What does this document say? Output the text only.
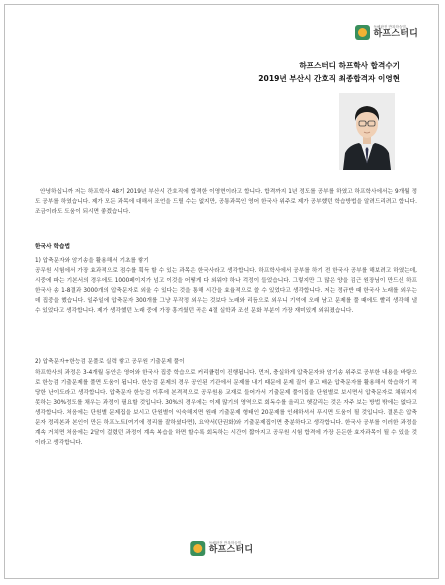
독해완전 반복학습법
하프스터디
하프스터디 하프학사 합격수기
2019년 부산시 간호직 최종합격자 이영현

안녕하십니까 저는 하프학사 48기 2019년 부산시 간호직에 합격한 이영현이라고 합니다. 합격까지 1년 정도를 공부를 하였고 하프학사에서는 9개월 정도 공부를 하였습니다. 제가 모든 과목에 대해서 조언을 드릴 수는 없지만, 공통과목인 영어 한국사 위주로 제가 공부했던 학습방법을 알려드리려고 합니다. 조금이라도 도움이 되시면 좋겠습니다.

한국사 학습법
1) 압축문자와 암기송을 활용해서 기초를 쌓기

공무원 시험에서 가장 효과적으로 점수를 획득 할 수 있는 과목은 한국사라고 생각합니다. 하프학사에서 공부를 하기 전 한국사 공부를 해보려고 하였는데, 시중에 파는 기본서의 경우에도 1000페이지가 넘고 이것을 어떻게 다 외워야 하나 걱정이 들었습니다. 그렇지만 그 많은 양을 김근 원장님이 만드신 하프한국사 송 1-8결과 3000개의 압축문자로 외울 수 있다는 것을 통해 시간을 효율적으로 쓸 수 있었다고 생각합니다. 저는 정규반 때 한국사 노래를 외우는데 집중을 했습니다. 일주일에 압축문자 300개를 그냥 무작정 외우는 것보다 노래와 리듬으로 외우니 기억에 오래 남고 문제를 풀 때에도 빨리 생각해 낼 수 있었다고 생각합니다. 제가 생각했던 노래 중에 가장 흥겨웠던 곡은 4절 실학과 조선 문화 부분이 가장 재미있게 외워졌습니다.

2) 압축문자+한능검 문풀로 실력 쌓고 공무원 기출문제 풀이

하프학사의 과정은 3-4개월 동안은 영어와 한국사 집중 학습으로 커리큘럼이 진행됩니다. 먼저, 충실하게 압축문자와 암기송 위주로 공부한 내용을 바탕으로 한능검 기출문제를 풀면 도움이 됩니다. 한능검 문제의 경우 공인된 기관에서 문제를 내기 때문에 문제 질이 좋고 배운 압축문자를 활용해서 학습하기 적당한 난이도라고 생각합니다. 압축문자 한능검 이후에 본격적으로 공무원용 교재로 들어가서 기출문제 풀이집을 단원별로 보시면서 압축문자로 채워지지 못하는 30%정도를 채우는 과정이 필요할 것입니다. 30%의 경우에는 이제 많기의 영역으로 회독수를 올리고 헷갈리는 것은 자주 보는 방법 밖에는 없다고 생각합니다. 처음에는 단원별 문제집을 보시고 단원별이 익숙해지면 원래 기출문제 형태인 20문제를 인쇄하셔서 푸시면 도움이 될 것입니다. 결론은 압축문자 정리본과 본인이 만든 하프노트(여기에 정리를 잘하셨다면), 요약서(단권화)와 기출문제집이면 충분하다고 생각합니다. 한국사 공부를 이러한 과정을 계속 거치면 처음에는 2달이 걸렸던 과정이 계속 복습을 하면 할수록 회독하는 시간이 짧아지고 공무원 시험 합격에 가장 든든한 효자과목이 될 수 있을 것이라고 생각합니다.

독해완전 반복학습법
하프스터디
